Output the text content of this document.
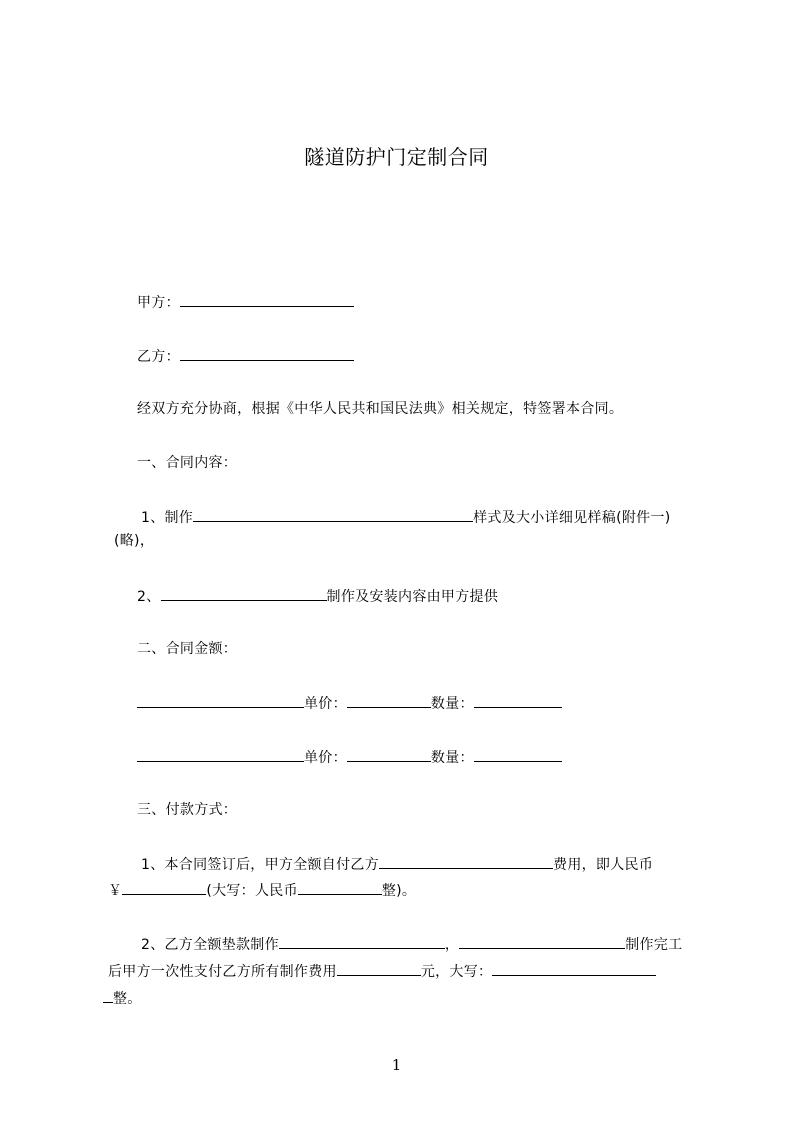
隧道防护门定制合同
甲方：
乙方：
经双方充分协商，根据《中华人民共和国民法典》相关规定，特签署本合同。
一、合同内容：
1、制作	样式及大小详细见样稿(附件一)
(略)，
2、	制作及安装内容由甲方提供
二、合同金额：
单价：	数量：
单价：	数量：
三、付款方式：
1、本合同签订后，甲方全额自付乙方	费用，即人民币
￥	(大写：人民币	整)。
2、乙方全额垫款制作	，	制作完工
后甲方一次性支付乙方所有制作费用	元，大写：
整。
1
